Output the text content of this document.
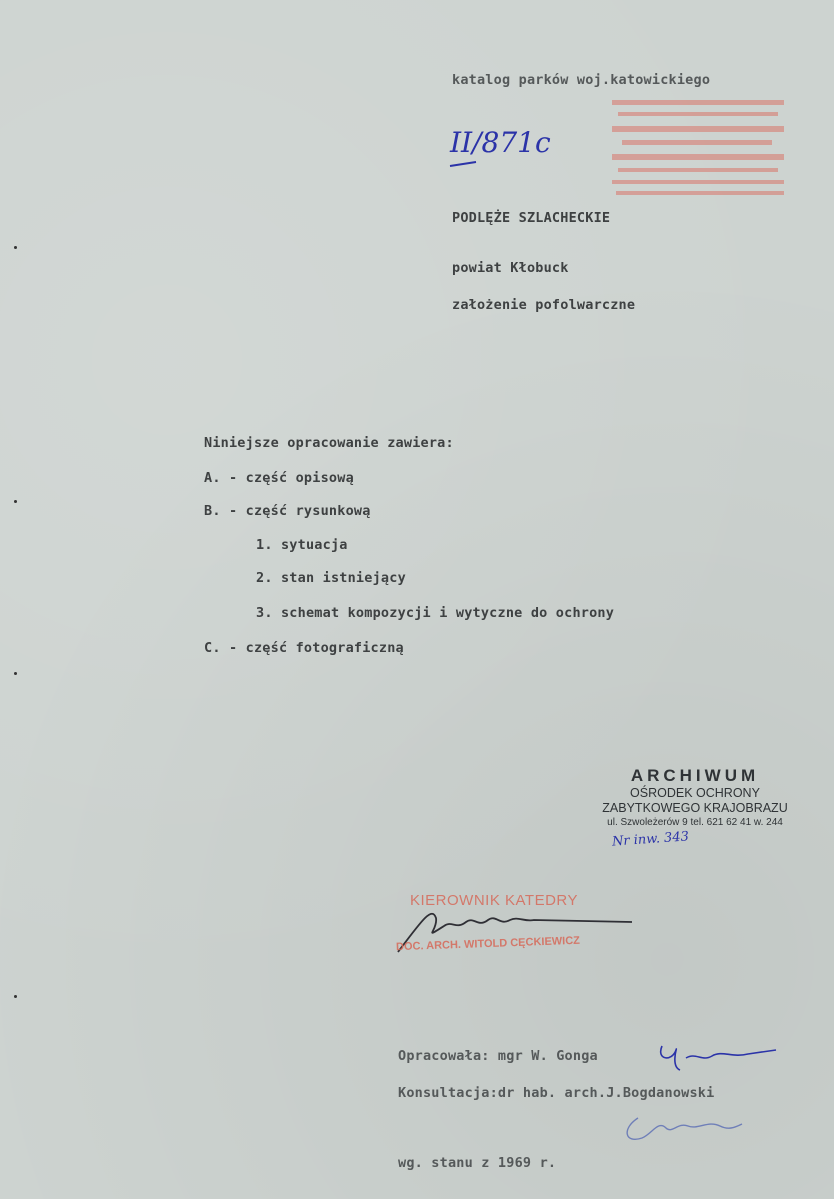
katalog parków woj.katowickiego
II/871c
PODLĘŻE SZLACHECKIE
powiat Kłobuck
założenie pofolwarczne
Niniejsze opracowanie zawiera:
A. - część opisową
B. - część rysunkową
1. sytuacja
2. stan istniejący
3. schemat kompozycji i wytyczne do ochrony
C. - część fotograficzną
ARCHIWUM
OŚRODEK OCHRONY
ZABYTKOWEGO KRAJOBRAZU
ul. Szwoleżerów 9 tel. 621 62 41 w. 244
Nr inw. 343
KIEROWNIK KATEDRY
DOC. ARCH. WITOLD CĘCKIEWICZ
Opracowała: mgr W. Gonga
Konsultacja:dr hab. arch.J.Bogdanowski
wg. stanu z 1969 r.
